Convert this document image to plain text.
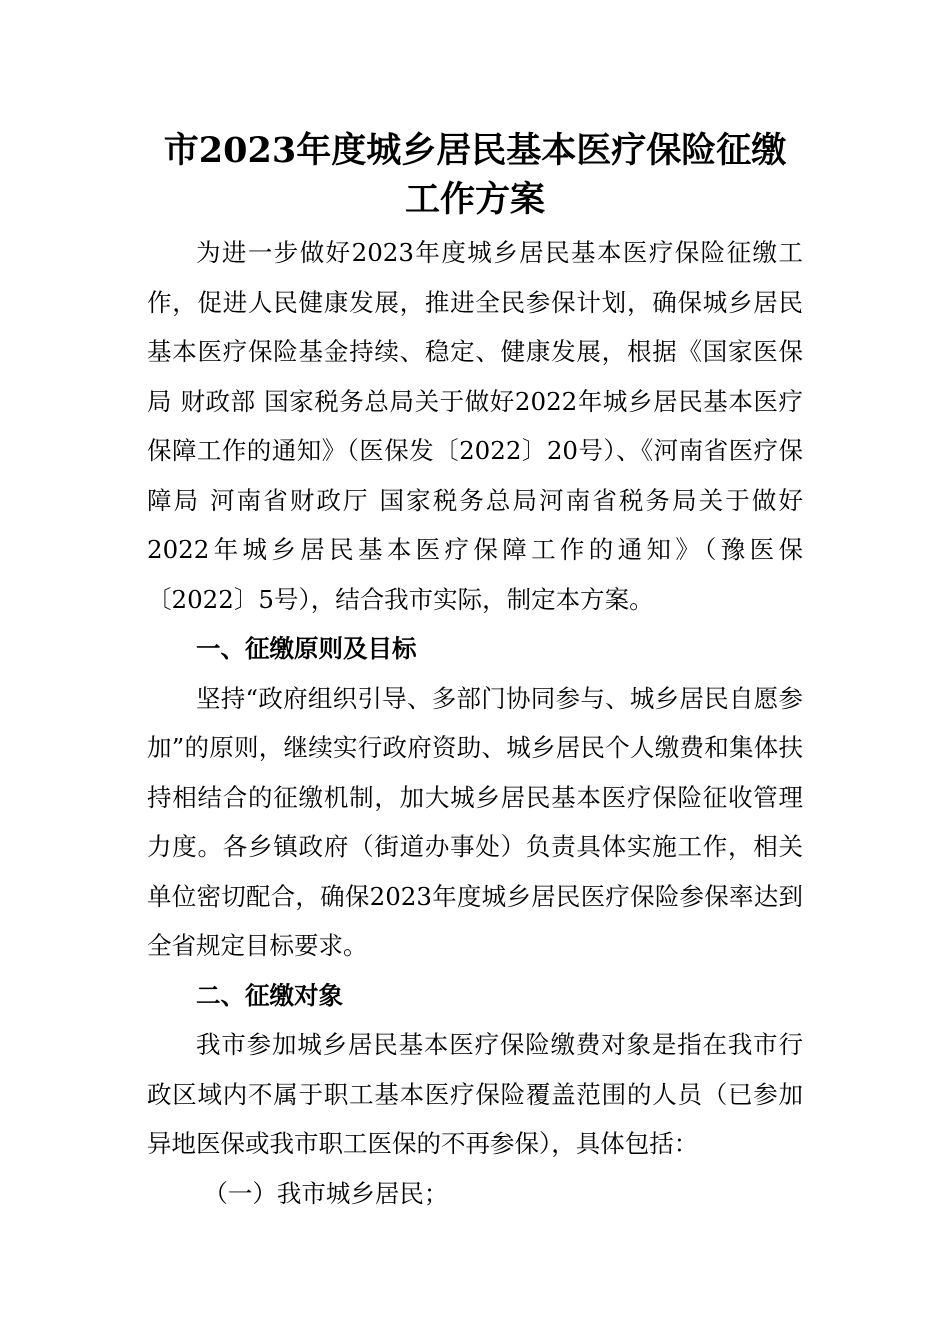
市2023年度城乡居民基本医疗保险征缴
工作方案

为进一步做好2023年度城乡居民基本医疗保险征缴工作，促进人民健康发展，推进全民参保计划，确保城乡居民基本医疗保险基金持续、稳定、健康发展，根据《国家医保局 财政部 国家税务总局关于做好2022年城乡居民基本医疗保障工作的通知》（医保发〔2022〕20号）、《河南省医疗保障局 河南省财政厅 国家税务总局河南省税务局关于做好2022年城乡居民基本医疗保障工作的通知》（豫医保〔2022〕5号），结合我市实际，制定本方案。

一、征缴原则及目标

坚持“政府组织引导、多部门协同参与、城乡居民自愿参加”的原则，继续实行政府资助、城乡居民个人缴费和集体扶持相结合的征缴机制，加大城乡居民基本医疗保险征收管理力度。各乡镇政府（街道办事处）负责具体实施工作，相关单位密切配合，确保2023年度城乡居民医疗保险参保率达到全省规定目标要求。

二、征缴对象

我市参加城乡居民基本医疗保险缴费对象是指在我市行政区域内不属于职工基本医疗保险覆盖范围的人员（已参加异地医保或我市职工医保的不再参保），具体包括：

（一）我市城乡居民；
